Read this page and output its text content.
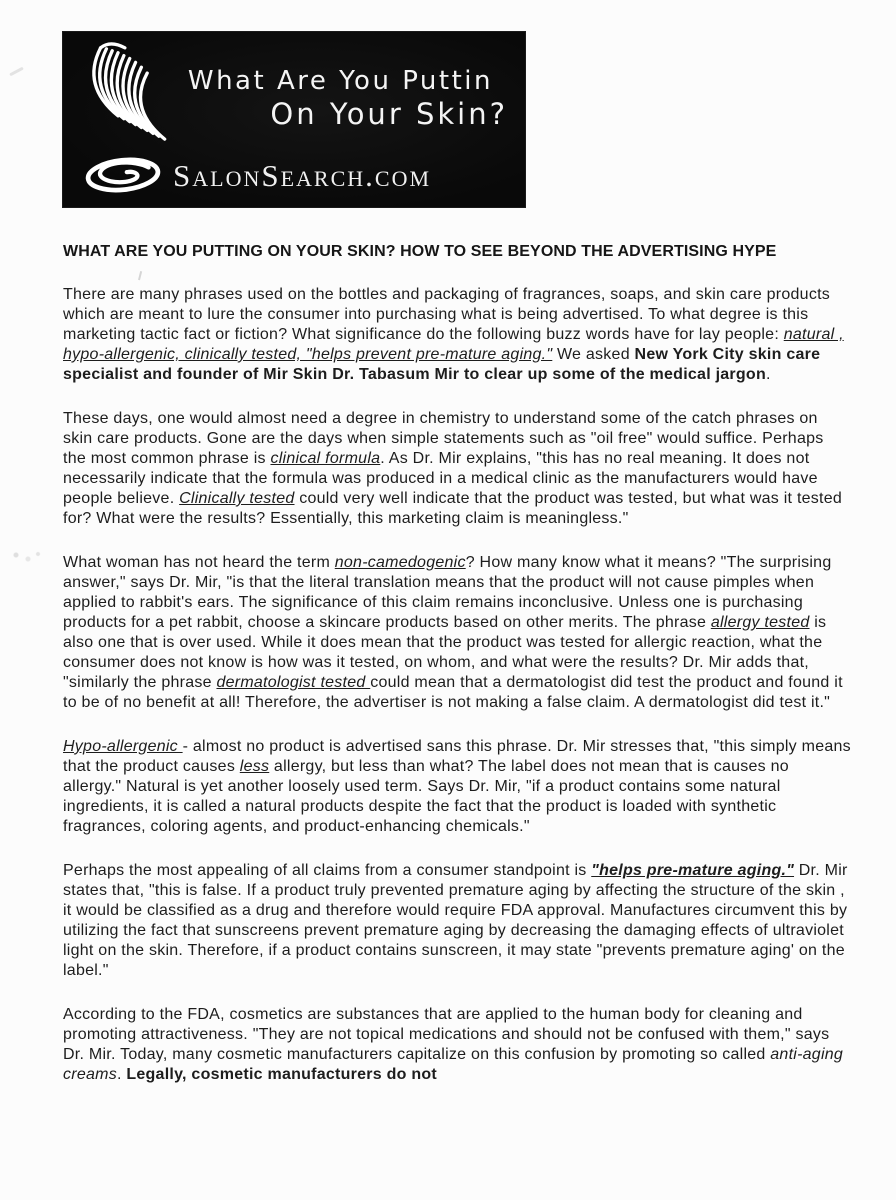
What Are You Puttin
On Your Skin?
SalonSearch.com
WHAT ARE YOU PUTTING ON YOUR SKIN? HOW TO SEE BEYOND THE ADVERTISING HYPE

There are many phrases used on the bottles and packaging of fragrances, soaps, and skin care products which are meant to lure the consumer into purchasing what is being advertised. To what degree is this marketing tactic fact or fiction? What significance do the following buzz words have for lay people: natural , hypo-allergenic, clinically tested, "helps prevent pre-mature aging." We asked New York City skin care specialist and founder of Mir Skin Dr. Tabasum Mir to clear up some of the medical jargon.

These days, one would almost need a degree in chemistry to understand some of the catch phrases on skin care products. Gone are the days when simple statements such as "oil free" would suffice. Perhaps the most common phrase is clinical formula. As Dr. Mir explains, "this has no real meaning. It does not necessarily indicate that the formula was produced in a medical clinic as the manufacturers would have people believe. Clinically tested could very well indicate that the product was tested, but what was it tested for? What were the results? Essentially, this marketing claim is meaningless."

What woman has not heard the term non-camedogenic? How many know what it means? "The surprising answer," says Dr. Mir, "is that the literal translation means that the product will not cause pimples when applied to rabbit's ears. The significance of this claim remains inconclusive. Unless one is purchasing products for a pet rabbit, choose a skincare products based on other merits. The phrase allergy tested is also one that is over used. While it does mean that the product was tested for allergic reaction, what the consumer does not know is how was it tested, on whom, and what were the results? Dr. Mir adds that, "similarly the phrase dermatologist tested could mean that a dermatologist did test the product and found it to be of no benefit at all! Therefore, the advertiser is not making a false claim. A dermatologist did test it."

Hypo-allergenic - almost no product is advertised sans this phrase. Dr. Mir stresses that, "this simply means that the product causes less allergy, but less than what? The label does not mean that is causes no allergy." Natural is yet another loosely used term. Says Dr. Mir, "if a product contains some natural ingredients, it is called a natural products despite the fact that the product is loaded with synthetic fragrances, coloring agents, and product-enhancing chemicals."

Perhaps the most appealing of all claims from a consumer standpoint is "helps pre-mature aging." Dr. Mir states that, "this is false. If a product truly prevented premature aging by affecting the structure of the skin , it would be classified as a drug and therefore would require FDA approval. Manufactures circumvent this by utilizing the fact that sunscreens prevent premature aging by decreasing the damaging effects of ultraviolet light on the skin. Therefore, if a product contains sunscreen, it may state "prevents premature aging' on the label."

According to the FDA, cosmetics are substances that are applied to the human body for cleaning and promoting attractiveness. "They are not topical medications and should not be confused with them," says Dr. Mir. Today, many cosmetic manufacturers capitalize on this confusion by promoting so called anti-aging creams. Legally, cosmetic manufacturers do not
